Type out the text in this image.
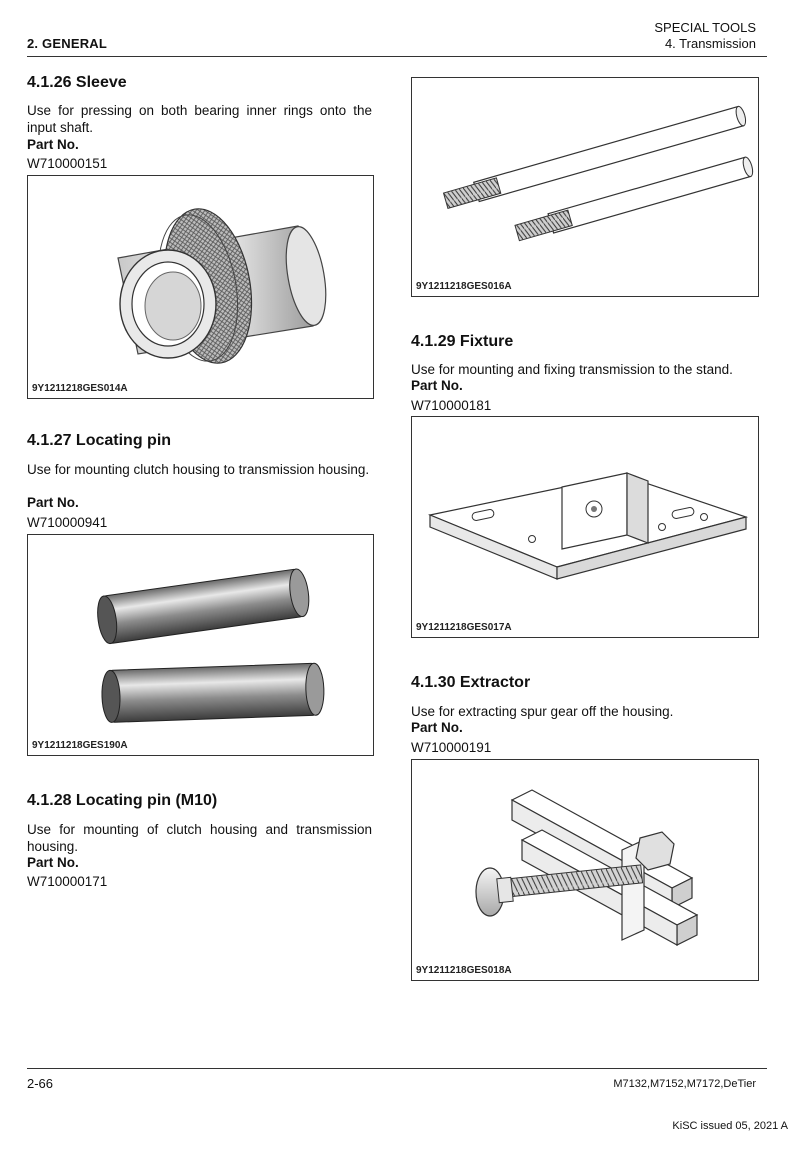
2. GENERAL
SPECIAL TOOLS
4. Transmission
4.1.26 Sleeve
Use for pressing on both bearing inner rings onto the input shaft.
Part No.
W710000151
9Y1211218GES014A
4.1.27 Locating pin
Use for mounting clutch housing to transmission housing.
Part No.
W710000941
9Y1211218GES190A
4.1.28 Locating pin (M10)
Use for mounting of clutch housing and transmission housing.
Part No.
W710000171
9Y1211218GES016A
4.1.29 Fixture
Use for mounting and fixing transmission to the stand.
Part No.
W710000181
9Y1211218GES017A
4.1.30 Extractor
Use for extracting spur gear off the housing.
Part No.
W710000191
9Y1211218GES018A
2-66	M7132,M7152,M7172,DeTier
KiSC issued 05, 2021 A
